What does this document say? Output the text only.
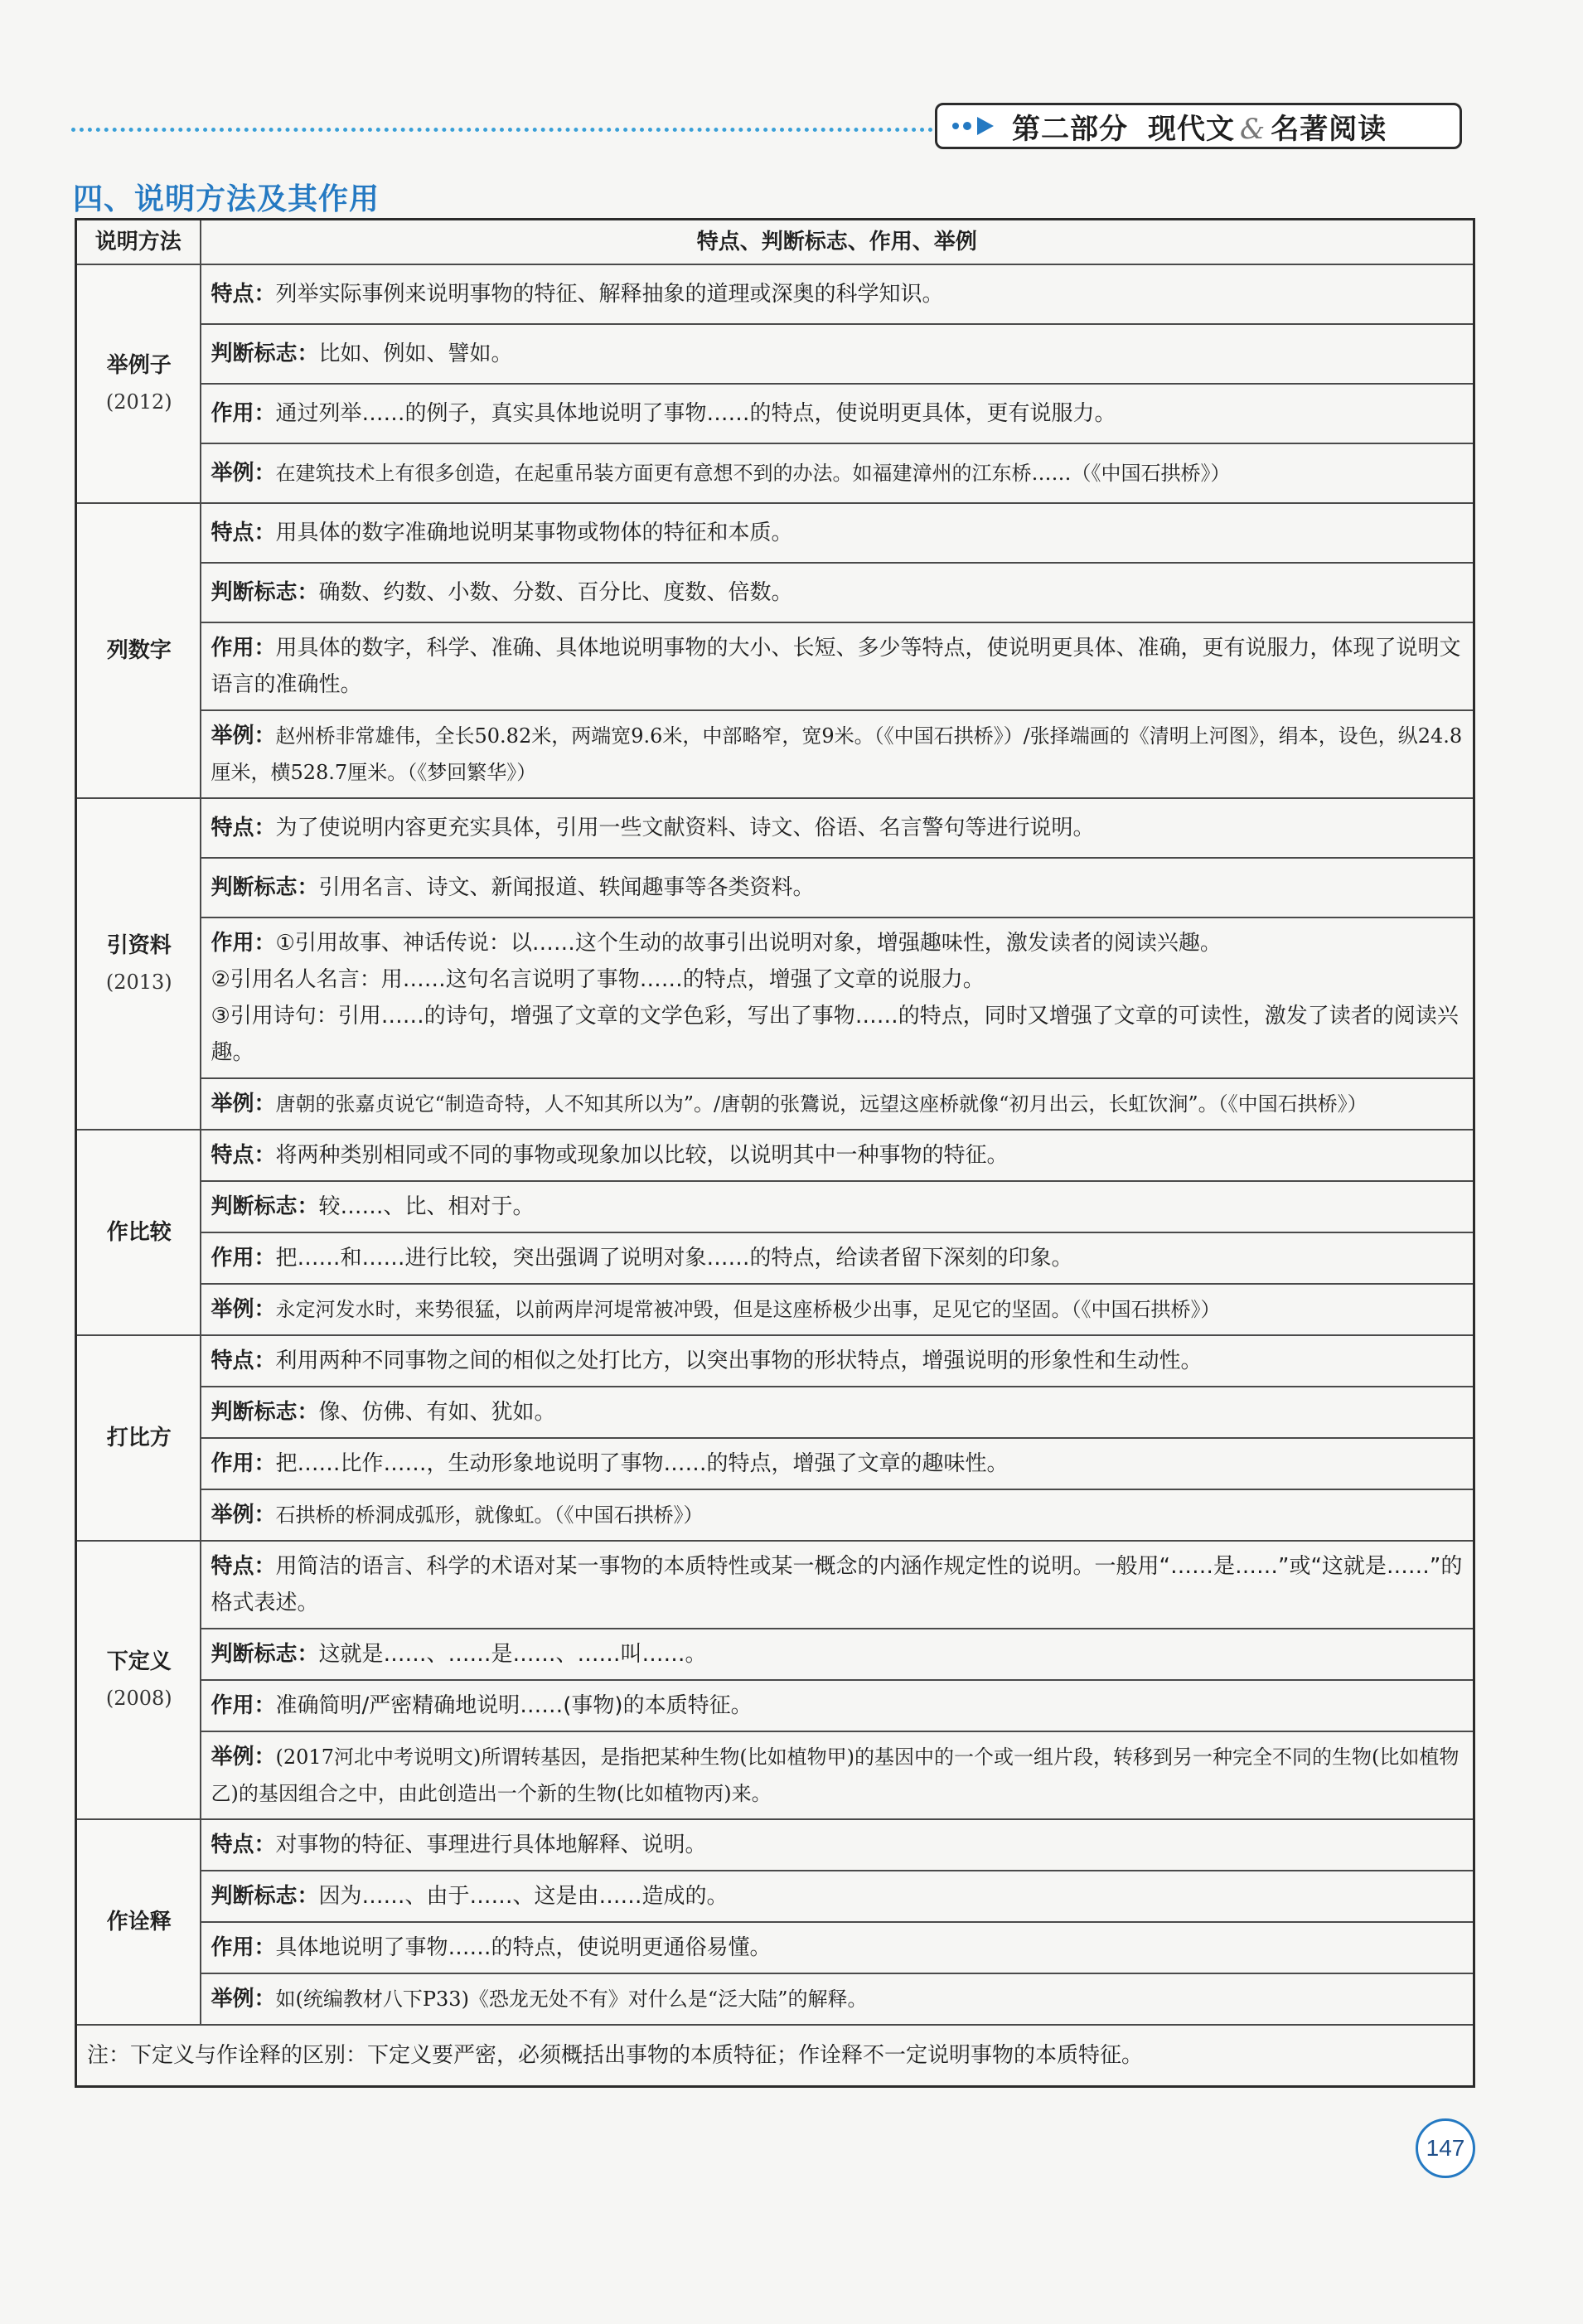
第二部分 现代文 & 名著阅读
四、说明方法及其作用
说明方法	特点、判断标志、作用、举例
举例子
(2012)	特点：列举实际事例来说明事物的特征、解释抽象的道理或深奥的科学知识。
	判断标志：比如、例如、譬如。
	作用：通过列举……的例子，真实具体地说明了事物……的特点，使说明更具体，更有说服力。
	举例：在建筑技术上有很多创造，在起重吊装方面更有意想不到的办法。如福建漳州的江东桥……（《中国石拱桥》）
列数字	特点：用具体的数字准确地说明某事物或物体的特征和本质。
	判断标志：确数、约数、小数、分数、百分比、度数、倍数。
	作用：用具体的数字，科学、准确、具体地说明事物的大小、长短、多少等特点，使说明更具体、准确，更有说服力，体现了说明文语言的准确性。
	举例：赵州桥非常雄伟，全长50.82米，两端宽9.6米，中部略窄，宽9米。（《中国石拱桥》）/张择端画的《清明上河图》，绢本，设色，纵24.8厘米，横528.7厘米。（《梦回繁华》）
引资料
(2013)	特点：为了使说明内容更充实具体，引用一些文献资料、诗文、俗语、名言警句等进行说明。
	判断标志：引用名言、诗文、新闻报道、轶闻趣事等各类资料。
	作用：①引用故事、神话传说：以……这个生动的故事引出说明对象，增强趣味性，激发读者的阅读兴趣。
②引用名人名言：用……这句名言说明了事物……的特点，增强了文章的说服力。
③引用诗句：引用……的诗句，增强了文章的文学色彩，写出了事物……的特点，同时又增强了文章的可读性，激发了读者的阅读兴趣。

	举例：唐朝的张嘉贞说它“制造奇特，人不知其所以为”。/唐朝的张鷟说，远望这座桥就像“初月出云，长虹饮涧”。（《中国石拱桥》）
作比较	特点：将两种类别相同或不同的事物或现象加以比较，以说明其中一种事物的特征。
	判断标志：较……、比、相对于。
	作用：把……和……进行比较，突出强调了说明对象……的特点，给读者留下深刻的印象。
	举例：永定河发水时，来势很猛，以前两岸河堤常被冲毁，但是这座桥极少出事，足见它的坚固。（《中国石拱桥》）
打比方	特点：利用两种不同事物之间的相似之处打比方，以突出事物的形状特点，增强说明的形象性和生动性。
	判断标志：像、仿佛、有如、犹如。
	作用：把……比作……，生动形象地说明了事物……的特点，增强了文章的趣味性。
	举例：石拱桥的桥洞成弧形，就像虹。（《中国石拱桥》）
下定义
(2008)	特点：用简洁的语言、科学的术语对某一事物的本质特性或某一概念的内涵作规定性的说明。一般用“……是……”或“这就是……”的格式表述。
	判断标志：这就是……、……是……、……叫……。
	作用：准确简明/严密精确地说明……(事物)的本质特征。
	举例：(2017河北中考说明文)所谓转基因，是指把某种生物(比如植物甲)的基因中的一个或一组片段，转移到另一种完全不同的生物(比如植物乙)的基因组合之中，由此创造出一个新的生物(比如植物丙)来。
作诠释	特点：对事物的特征、事理进行具体地解释、说明。
	判断标志：因为……、由于……、这是由……造成的。
	作用：具体地说明了事物……的特点，使说明更通俗易懂。
	举例：如(统编教材八下P33)《恐龙无处不有》对什么是“泛大陆”的解释。
注：下定义与作诠释的区别：下定义要严密，必须概括出事物的本质特征；作诠释不一定说明事物的本质特征。	
147
